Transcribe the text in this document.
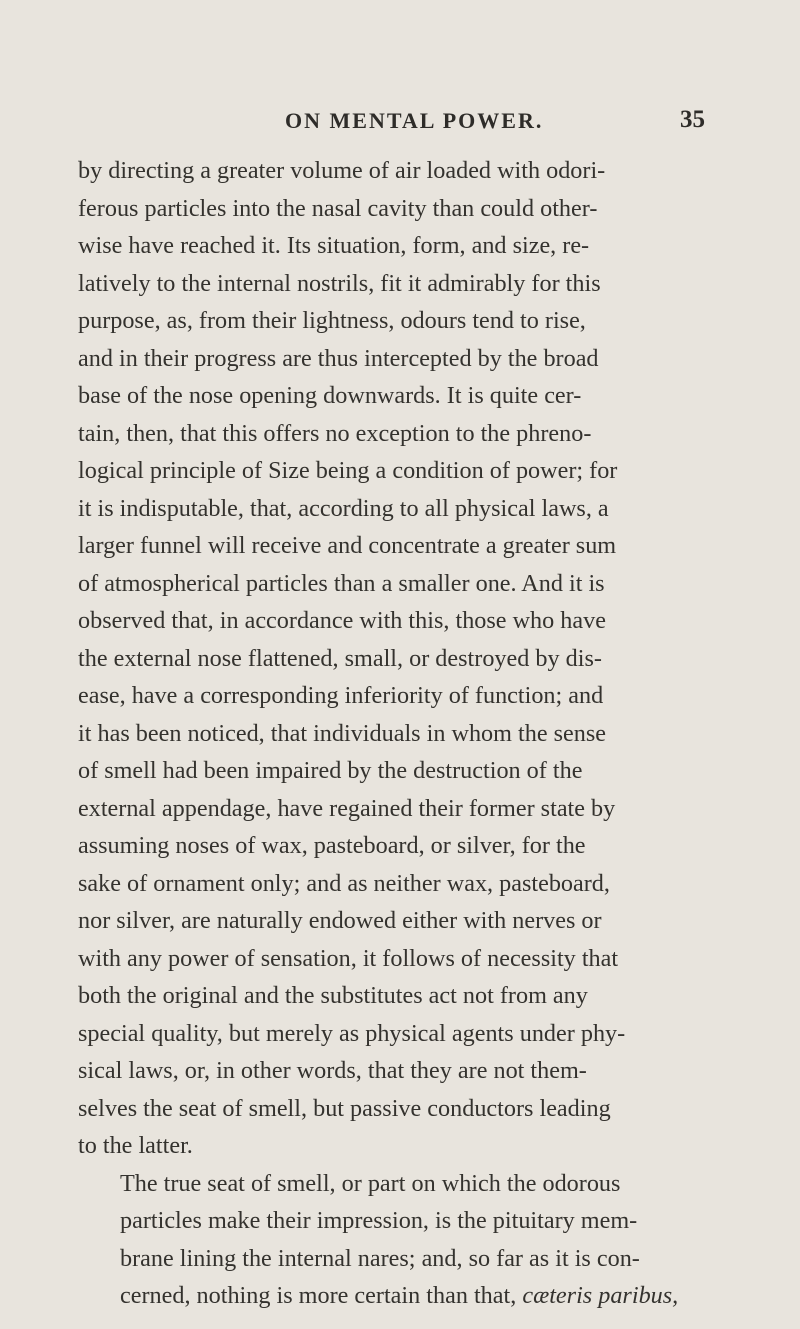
ON MENTAL POWER.	35

by directing a greater volume of air loaded with odori-
ferous particles into the nasal cavity than could other-
wise have reached it. Its situation, form, and size, re-
latively to the internal nostrils, fit it admirably for this
purpose, as, from their lightness, odours tend to rise,
and in their progress are thus intercepted by the broad
base of the nose opening downwards. It is quite cer-
tain, then, that this offers no exception to the phreno-
logical principle of Size being a condition of power; for
it is indisputable, that, according to all physical laws, a
larger funnel will receive and concentrate a greater sum
of atmospherical particles than a smaller one. And it is
observed that, in accordance with this, those who have
the external nose flattened, small, or destroyed by dis-
ease, have a corresponding inferiority of function; and
it has been noticed, that individuals in whom the sense
of smell had been impaired by the destruction of the
external appendage, have regained their former state by
assuming noses of wax, pasteboard, or silver, for the
sake of ornament only; and as neither wax, pasteboard,
nor silver, are naturally endowed either with nerves or
with any power of sensation, it follows of necessity that
both the original and the substitutes act not from any
special quality, but merely as physical agents under phy-
sical laws, or, in other words, that they are not them-
selves the seat of smell, but passive conductors leading
to the latter.

The true seat of smell, or part on which the odorous
particles make their impression, is the pituitary mem-
brane lining the internal nares; and, so far as it is con-
cerned, nothing is more certain than that, cæteris paribus,
